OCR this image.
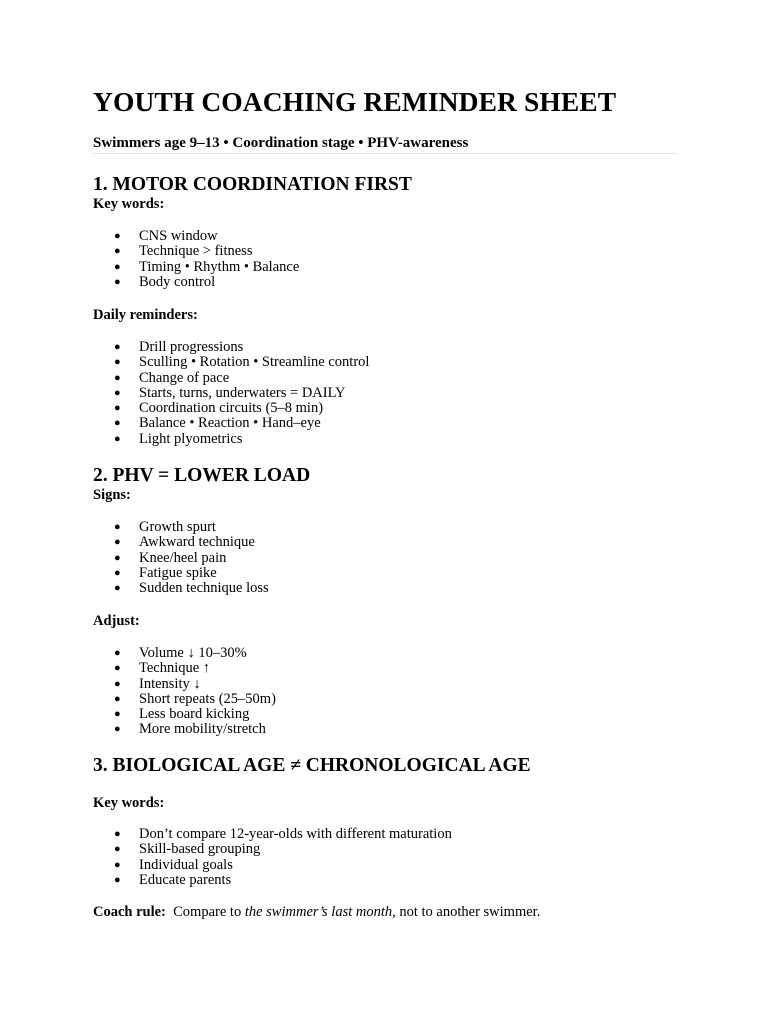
YOUTH COACHING REMINDER SHEET
Swimmers age 9–13 • Coordination stage • PHV-awareness
1. MOTOR COORDINATION FIRST
Key words:
● CNS window
● Technique > fitness
● Timing • Rhythm • Balance
● Body control
Daily reminders:
● Drill progressions
● Sculling • Rotation • Streamline control
● Change of pace
● Starts, turns, underwaters = DAILY
● Coordination circuits (5–8 min)
● Balance • Reaction • Hand–eye
● Light plyometrics
2. PHV = LOWER LOAD
Signs:
● Growth spurt
● Awkward technique
● Knee/heel pain
● Fatigue spike
● Sudden technique loss
Adjust:
● Volume ↓ 10–30%
● Technique ↑
● Intensity ↓
● Short repeats (25–50m)
● Less board kicking
● More mobility/stretch
3. BIOLOGICAL AGE ≠ CHRONOLOGICAL AGE
Key words:
● Don’t compare 12-year-olds with different maturation
● Skill-based grouping
● Individual goals
● Educate parents
Coach rule: Compare to the swimmer’s last month, not to another swimmer.
